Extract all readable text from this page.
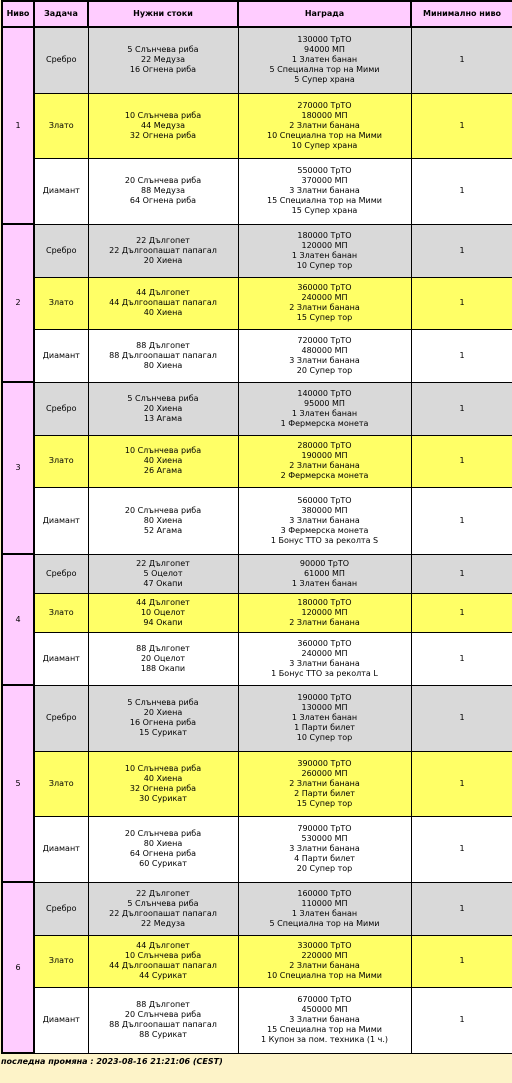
Ниво	Задача	Нужни стоки	Награда	Минимално ниво
1	Сребро	5 Слънчева риба
22 Медуза
16 Огнена риба	130000 ТрТО
94000 МП
1 Златен банан
5 Специална тор на Мими
5 Супер храна	1
	Злато	10 Слънчева риба
44 Медуза
32 Огнена риба	270000 ТрТО
180000 МП
2 Златни банана
10 Специална тор на Мими
10 Супер храна	1
	Диамант	20 Слънчева риба
88 Медуза
64 Огнена риба	550000 ТрТО
370000 МП
3 Златни банана
15 Специална тор на Мими
15 Супер храна	1
2	Сребро	22 Дългопет
22 Дългоопашат папагал
20 Хиена	180000 ТрТО
120000 МП
1 Златен банан
10 Супер тор	1
	Злато	44 Дългопет
44 Дългоопашат папагал
40 Хиена	360000 ТрТО
240000 МП
2 Златни банана
15 Супер тор	1
	Диамант	88 Дългопет
88 Дългоопашат папагал
80 Хиена	720000 ТрТО
480000 МП
3 Златни банана
20 Супер тор	1
3	Сребро	5 Слънчева риба
20 Хиена
13 Агама	140000 ТрТО
95000 МП
1 Златен банан
1 Фермерска монета	1
	Злато	10 Слънчева риба
40 Хиена
26 Агама	280000 ТрТО
190000 МП
2 Златни банана
2 Фермерска монета	1
	Диамант	20 Слънчева риба
80 Хиена
52 Агама	560000 ТрТО
380000 МП
3 Златни банана
3 Фермерска монета
1 Бонус ТТО за реколта S	1
4	Сребро	22 Дългопет
5 Оцелот
47 Окапи	90000 ТрТО
61000 МП
1 Златен банан	1
	Злато	44 Дългопет
10 Оцелот
94 Окапи	180000 ТрТО
120000 МП
2 Златни банана	1
	Диамант	88 Дългопет
20 Оцелот
188 Окапи	360000 ТрТО
240000 МП
3 Златни банана
1 Бонус ТТО за реколта L	1
5	Сребро	5 Слънчева риба
20 Хиена
16 Огнена риба
15 Сурикат	190000 ТрТО
130000 МП
1 Златен банан
1 Парти билет
10 Супер тор	1
	Злато	10 Слънчева риба
40 Хиена
32 Огнена риба
30 Сурикат	390000 ТрТО
260000 МП
2 Златни банана
2 Парти билет
15 Супер тор	1
	Диамант	20 Слънчева риба
80 Хиена
64 Огнена риба
60 Сурикат	790000 ТрТО
530000 МП
3 Златни банана
4 Парти билет
20 Супер тор	1
6	Сребро	22 Дългопет
5 Слънчева риба
22 Дългоопашат папагал
22 Медуза	160000 ТрТО
110000 МП
1 Златен банан
5 Специална тор на Мими	1
	Злато	44 Дългопет
10 Слънчева риба
44 Дългоопашат папагал
44 Сурикат	330000 ТрТО
220000 МП
2 Златни банана
10 Специална тор на Мими	1
	Диамант	88 Дългопет
20 Слънчева риба
88 Дългоопашат папагал
88 Сурикат	670000 ТрТО
450000 МП
3 Златни банана
15 Специална тор на Мими
1 Купон за пом. техника (1 ч.)	1
последна промяна : 2023-08-16 21:21:06 (CEST)
